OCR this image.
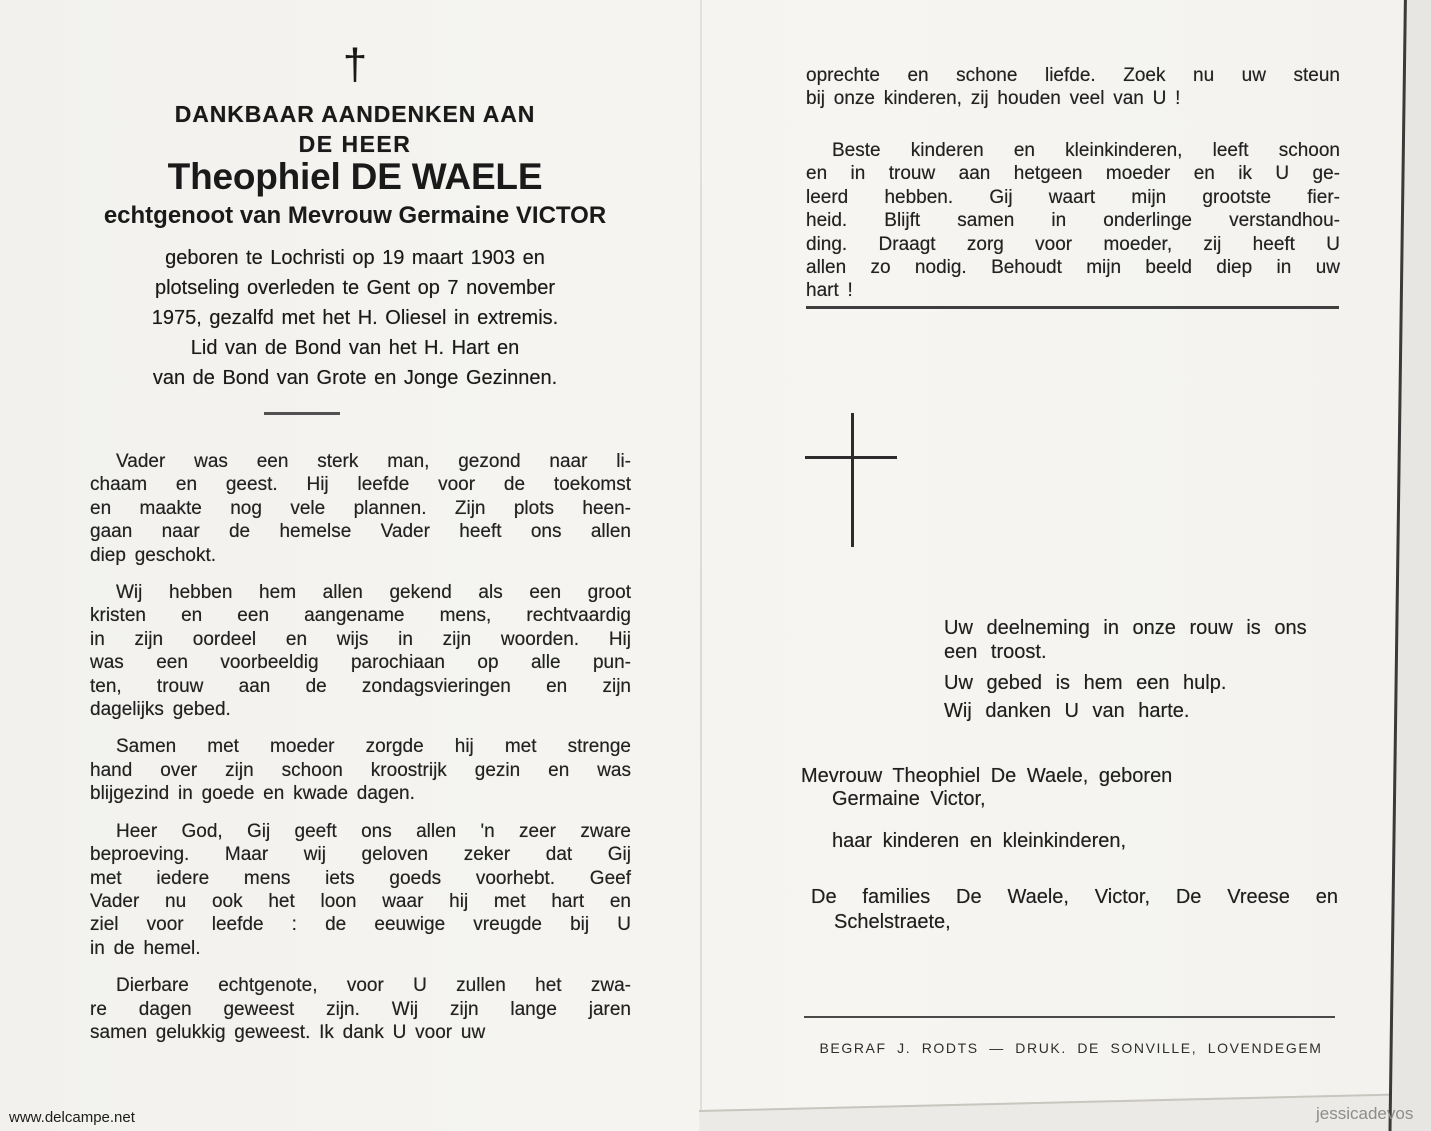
†
DANKBAAR AANDENKEN AAN
DE HEER
Theophiel DE WAELE
echtgenoot van Mevrouw Germaine VICTOR
geboren te Lochristi op 19 maart 1903 en
plotseling overleden te Gent op 7 november
1975, gezalfd met het H. Oliesel in extremis.
Lid van de Bond van het H. Hart en
van de Bond van Grote en Jonge Gezinnen.
Vader was een sterk man, gezond naar li-
chaam en geest. Hij leefde voor de toekomst
en maakte nog vele plannen. Zijn plots heen-
gaan naar de hemelse Vader heeft ons allen
diep geschokt.
Wij hebben hem allen gekend als een groot
kristen en een aangename mens, rechtvaardig
in zijn oordeel en wijs in zijn woorden. Hij
was een voorbeeldig parochiaan op alle pun-
ten, trouw aan de zondagsvieringen en zijn
dagelijks gebed.
Samen met moeder zorgde hij met strenge
hand over zijn schoon kroostrijk gezin en was
blijgezind in goede en kwade dagen.
Heer God, Gij geeft ons allen 'n zeer zware
beproeving. Maar wij geloven zeker dat Gij
met iedere mens iets goeds voorhebt. Geef
Vader nu ook het loon waar hij met hart en
ziel voor leefde : de eeuwige vreugde bij U
in de hemel.
Dierbare echtgenote, voor U zullen het zwa-
re dagen geweest zijn. Wij zijn lange jaren
samen gelukkig geweest. Ik dank U voor uw
oprechte en schone liefde. Zoek nu uw steun
bij onze kinderen, zij houden veel van U !
Beste kinderen en kleinkinderen, leeft schoon
en in trouw aan hetgeen moeder en ik U ge-
leerd hebben. Gij waart mijn grootste fier-
heid. Blijft samen in onderlinge verstandhou-
ding. Draagt zorg voor moeder, zij heeft U
allen zo nodig. Behoudt mijn beeld diep in uw
hart !
Uw deelneming in onze rouw is ons
een troost.
Uw gebed is hem een hulp.
Wij danken U van harte.
Mevrouw Theophiel De Waele, geboren
Germaine Victor,
haar kinderen en kleinkinderen,
De families De Waele, Victor, De Vreese en
Schelstraete,
BEGRAF J. RODTS — DRUK. DE SONVILLE, LOVENDEGEM
www.delcampe.net	jessicadevos
